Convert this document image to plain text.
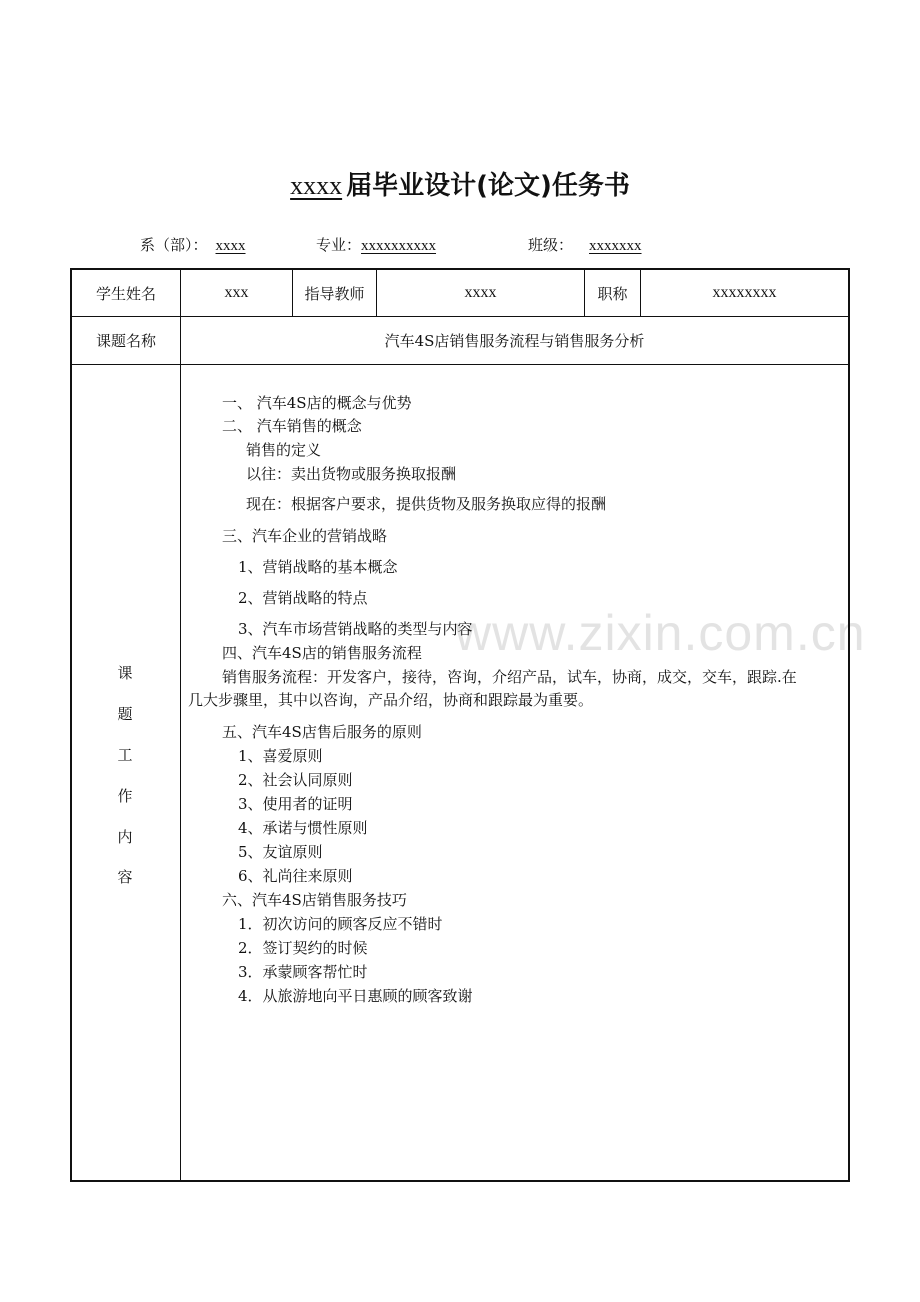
xxxx 届毕业设计(论文)任务书
系（部）： xxxx	专业：xxxxxxxxxx	班级： xxxxxxx
www.zixin.com.cn
学生姓名	xxx	指导教师	xxxx	职称	xxxxxxxx
课题名称	汽车4S店销售服务流程与销售服务分析
课
题
工
作
内
容
一、 汽车4S店的概念与优势
二、 汽车销售的概念
销售的定义
以往：卖出货物或服务换取报酬
现在：根据客户要求，提供货物及服务换取应得的报酬
三、汽车企业的营销战略
1、营销战略的基本概念
2、营销战略的特点
3、汽车市场营销战略的类型与内容
四、汽车4S店的销售服务流程
销售服务流程：开发客户，接待，咨询，介绍产品，试车，协商，成交，交车，跟踪.在
几大步骤里，其中以咨询，产品介绍，协商和跟踪最为重要。
五、汽车4S店售后服务的原则
1、喜爱原则
2、社会认同原则
3、使用者的证明
4、承诺与惯性原则
5、友谊原则
6、礼尚往来原则
六、汽车4S店销售服务技巧
1．初次访问的顾客反应不错时
2．签订契约的时候
3．承蒙顾客帮忙时
4．从旅游地向平日惠顾的顾客致谢
